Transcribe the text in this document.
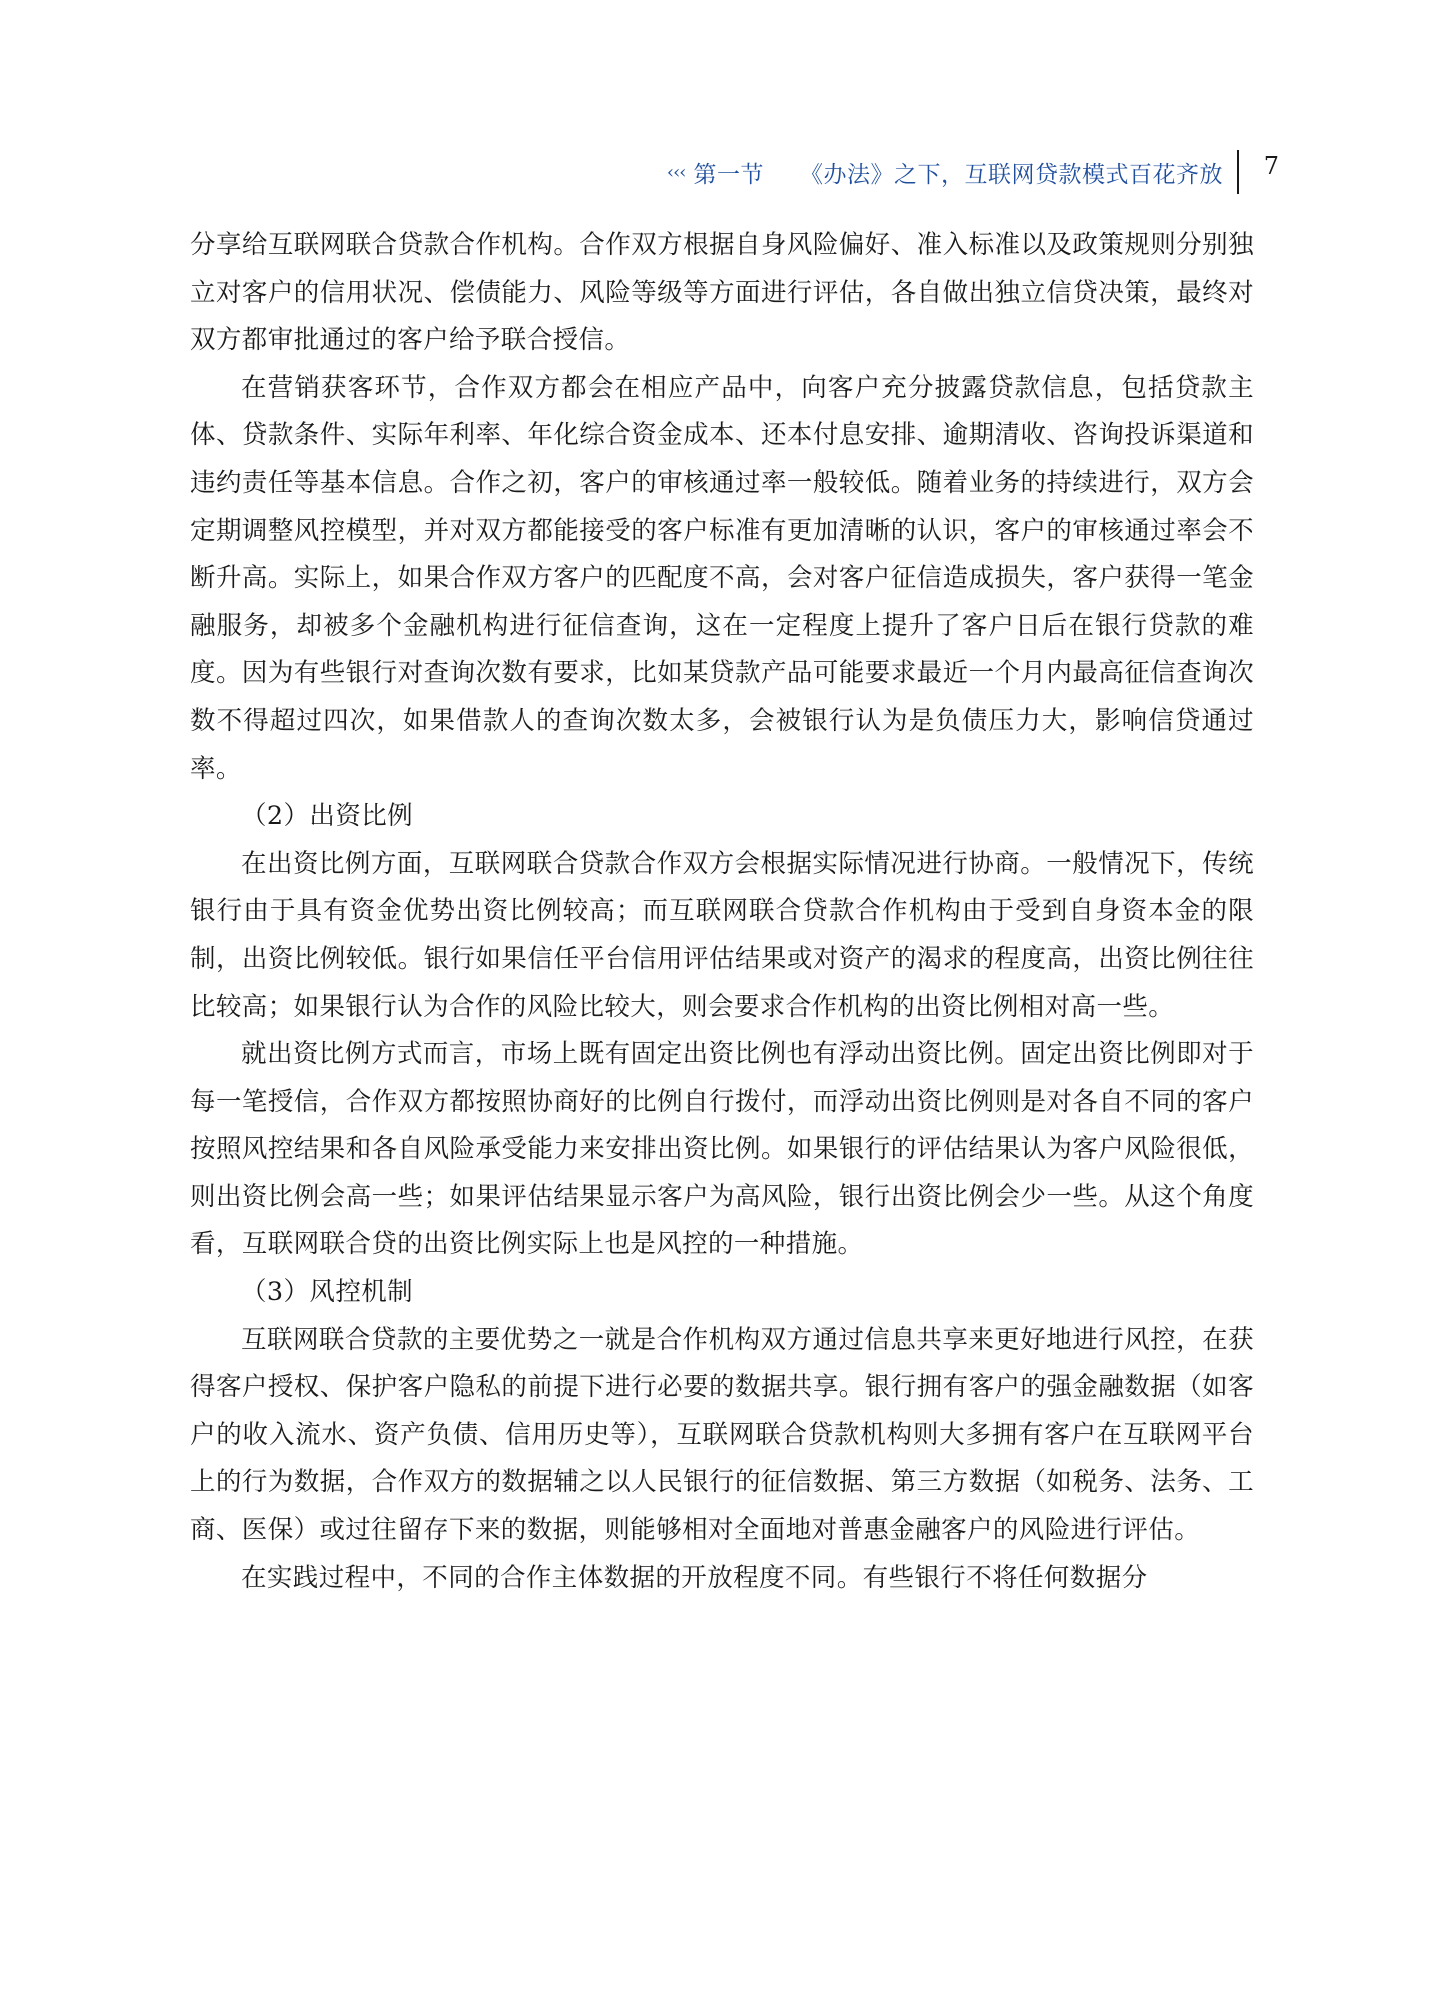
‹‹‹ 第一节 《办法》之下，互联网贷款模式百花齐放 7

分享给互联网联合贷款合作机构。合作双方根据自身风险偏好、准入标准以及政策规则分别独立对客户的信用状况、偿债能力、风险等级等方面进行评估，各自做出独立信贷决策，最终对双方都审批通过的客户给予联合授信。

在营销获客环节，合作双方都会在相应产品中，向客户充分披露贷款信息，包括贷款主体、贷款条件、实际年利率、年化综合资金成本、还本付息安排、逾期清收、咨询投诉渠道和违约责任等基本信息。合作之初，客户的审核通过率一般较低。随着业务的持续进行，双方会定期调整风控模型，并对双方都能接受的客户标准有更加清晰的认识，客户的审核通过率会不断升高。实际上，如果合作双方客户的匹配度不高，会对客户征信造成损失，客户获得一笔金融服务，却被多个金融机构进行征信查询，这在一定程度上提升了客户日后在银行贷款的难度。因为有些银行对查询次数有要求，比如某贷款产品可能要求最近一个月内最高征信查询次数不得超过四次，如果借款人的查询次数太多，会被银行认为是负债压力大，影响信贷通过率。

（2）出资比例

在出资比例方面，互联网联合贷款合作双方会根据实际情况进行协商。一般情况下，传统银行由于具有资金优势出资比例较高；而互联网联合贷款合作机构由于受到自身资本金的限制，出资比例较低。银行如果信任平台信用评估结果或对资产的渴求的程度高，出资比例往往比较高；如果银行认为合作的风险比较大，则会要求合作机构的出资比例相对高一些。

就出资比例方式而言，市场上既有固定出资比例也有浮动出资比例。固定出资比例即对于每一笔授信，合作双方都按照协商好的比例自行拨付，而浮动出资比例则是对各自不同的客户按照风控结果和各自风险承受能力来安排出资比例。如果银行的评估结果认为客户风险很低，则出资比例会高一些；如果评估结果显示客户为高风险，银行出资比例会少一些。从这个角度看，互联网联合贷的出资比例实际上也是风控的一种措施。

（3）风控机制

互联网联合贷款的主要优势之一就是合作机构双方通过信息共享来更好地进行风控，在获得客户授权、保护客户隐私的前提下进行必要的数据共享。银行拥有客户的强金融数据（如客户的收入流水、资产负债、信用历史等），互联网联合贷款机构则大多拥有客户在互联网平台上的行为数据，合作双方的数据辅之以人民银行的征信数据、第三方数据（如税务、法务、工商、医保）或过往留存下来的数据，则能够相对全面地对普惠金融客户的风险进行评估。

在实践过程中，不同的合作主体数据的开放程度不同。有些银行不将任何数据分
